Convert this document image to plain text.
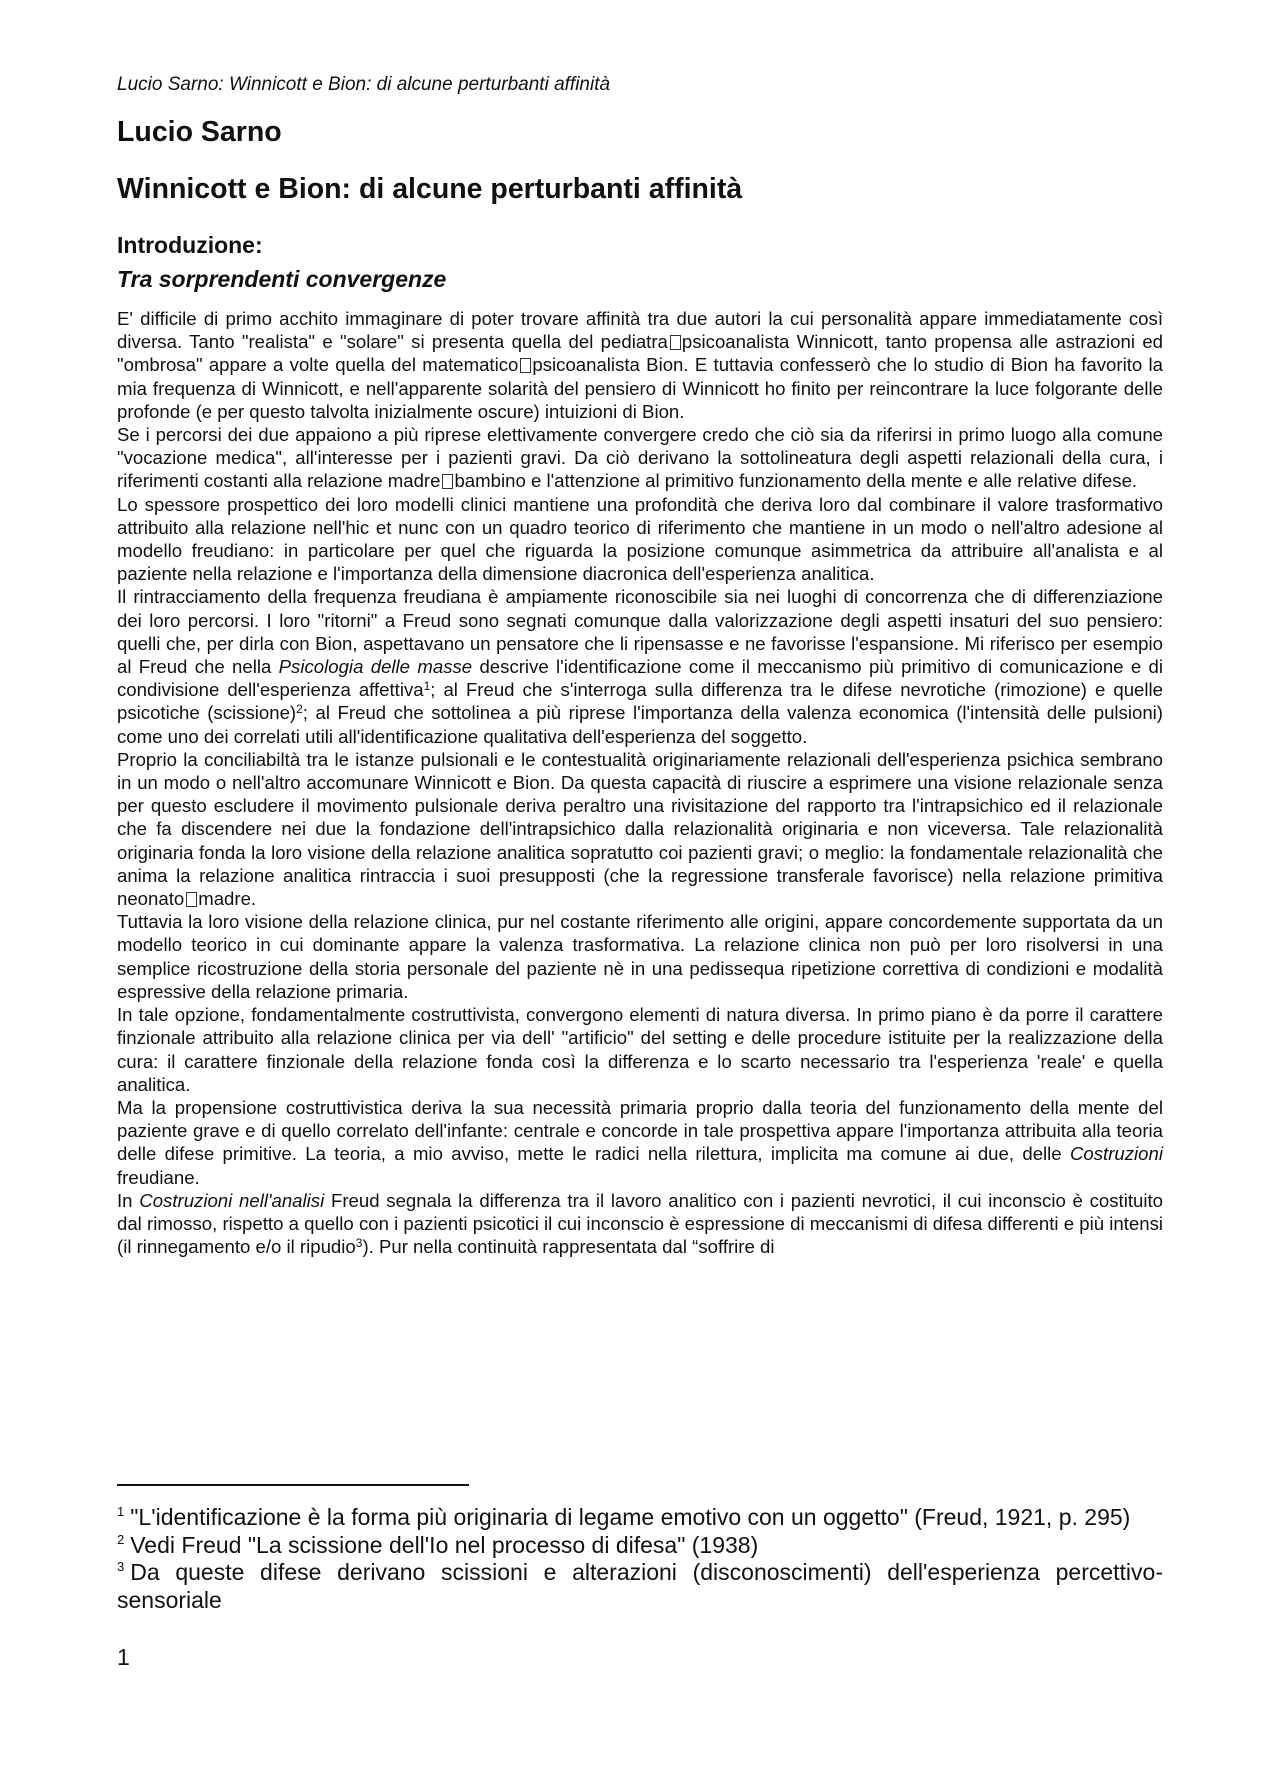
Lucio Sarno: Winnicott e Bion: di alcune perturbanti affinità
Lucio Sarno
Winnicott e Bion: di alcune perturbanti affinità
Introduzione:
Tra sorprendenti convergenze

E' difficile di primo acchito immaginare di poter trovare affinità tra due autori la cui personalità appare immediatamente così diversa. Tanto "realista" e "solare" si presenta quella del pediatra psicoanalista Winnicott, tanto propensa alle astrazioni ed "ombrosa" appare a volte quella del matematico psicoanalista Bion. E tuttavia confesserò che lo studio di Bion ha favorito la mia frequenza di Winnicott, e nell'apparente solarità del pensiero di Winnicott ho finito per reincontrare la luce folgorante delle profonde (e per questo talvolta inizialmente oscure) intuizioni di Bion.

Se i percorsi dei due appaiono a più riprese elettivamente convergere credo che ciò sia da riferirsi in primo luogo alla comune "vocazione medica", all'interesse per i pazienti gravi. Da ciò derivano la sottolineatura degli aspetti relazionali della cura, i riferimenti costanti alla relazione madre bambino e l'attenzione al primitivo funzionamento della mente e alle relative difese.

Lo spessore prospettico dei loro modelli clinici mantiene una profondità che deriva loro dal combinare il valore trasformativo attribuito alla relazione nell'hic et nunc con un quadro teorico di riferimento che mantiene in un modo o nell'altro adesione al modello freudiano: in particolare per quel che riguarda la posizione comunque asimmetrica da attribuire all'analista e al paziente nella relazione e l'importanza della dimensione diacronica dell'esperienza analitica.

Il rintracciamento della frequenza freudiana è ampiamente riconoscibile sia nei luoghi di concorrenza che di differenziazione dei loro percorsi. I loro "ritorni" a Freud sono segnati comunque dalla valorizzazione degli aspetti insaturi del suo pensiero: quelli che, per dirla con Bion, aspettavano un pensatore che li ripensasse e ne favorisse l'espansione. Mi riferisco per esempio al Freud che nella Psicologia delle masse descrive l'identificazione come il meccanismo più primitivo di comunicazione e di condivisione dell'esperienza affettiva$^1$; al Freud che s'interroga sulla differenza tra le difese nevrotiche (rimozione) e quelle psicotiche (scissione)$^2$; al Freud che sottolinea a più riprese l'importanza della valenza economica (l'intensità delle pulsioni) come uno dei correlati utili all'identificazione qualitativa dell'esperienza del soggetto.

Proprio la conciliabiltà tra le istanze pulsionali e le contestualità originariamente relazionali dell'esperienza psichica sembrano in un modo o nell'altro accomunare Winnicott e Bion. Da questa capacità di riuscire a esprimere una visione relazionale senza per questo escludere il movimento pulsionale deriva peraltro una rivisitazione del rapporto tra l'intrapsichico ed il relazionale che fa discendere nei due la fondazione dell'intrapsichico dalla relazionalità originaria e non viceversa. Tale relazionalità originaria fonda la loro visione della relazione analitica sopratutto coi pazienti gravi; o meglio: la fondamentale relazionalità che anima la relazione analitica rintraccia i suoi presupposti (che la regressione transferale favorisce) nella relazione primitiva neonato madre.

Tuttavia la loro visione della relazione clinica, pur nel costante riferimento alle origini, appare concordemente supportata da un modello teorico in cui dominante appare la valenza trasformativa. La relazione clinica non può per loro risolversi in una semplice ricostruzione della storia personale del paziente nè in una pedissequa ripetizione correttiva di condizioni e modalità espressive della relazione primaria.

In tale opzione, fondamentalmente costruttivista, convergono elementi di natura diversa. In primo piano è da porre il carattere finzionale attribuito alla relazione clinica per via dell' "artificio" del setting e delle procedure istituite per la realizzazione della cura: il carattere finzionale della relazione fonda così la differenza e lo scarto necessario tra l'esperienza 'reale' e quella analitica.

Ma la propensione costruttivistica deriva la sua necessità primaria proprio dalla teoria del funzionamento della mente del paziente grave e di quello correlato dell'infante: centrale e concorde in tale prospettiva appare l'importanza attribuita alla teoria delle difese primitive. La teoria, a mio avviso, mette le radici nella rilettura, implicita ma comune ai due, delle Costruzioni freudiane.

In Costruzioni nell'analisi Freud segnala la differenza tra il lavoro analitico con i pazienti nevrotici, il cui inconscio è costituito dal rimosso, rispetto a quello con i pazienti psicotici il cui inconscio è espressione di meccanismi di difesa differenti e più intensi (il rinnegamento e/o il ripudio$^3$). Pur nella continuità rappresentata dal “soffrire di

$^1$ "L'identificazione è la forma più originaria di legame emotivo con un oggetto" (Freud, 1921, p. 295)

$^2$ Vedi Freud "La scissione dell'Io nel processo di difesa" (1938)

$^3$ Da queste difese derivano scissioni e alterazioni (disconoscimenti) dell'esperienza percettivo-sensoriale

1
